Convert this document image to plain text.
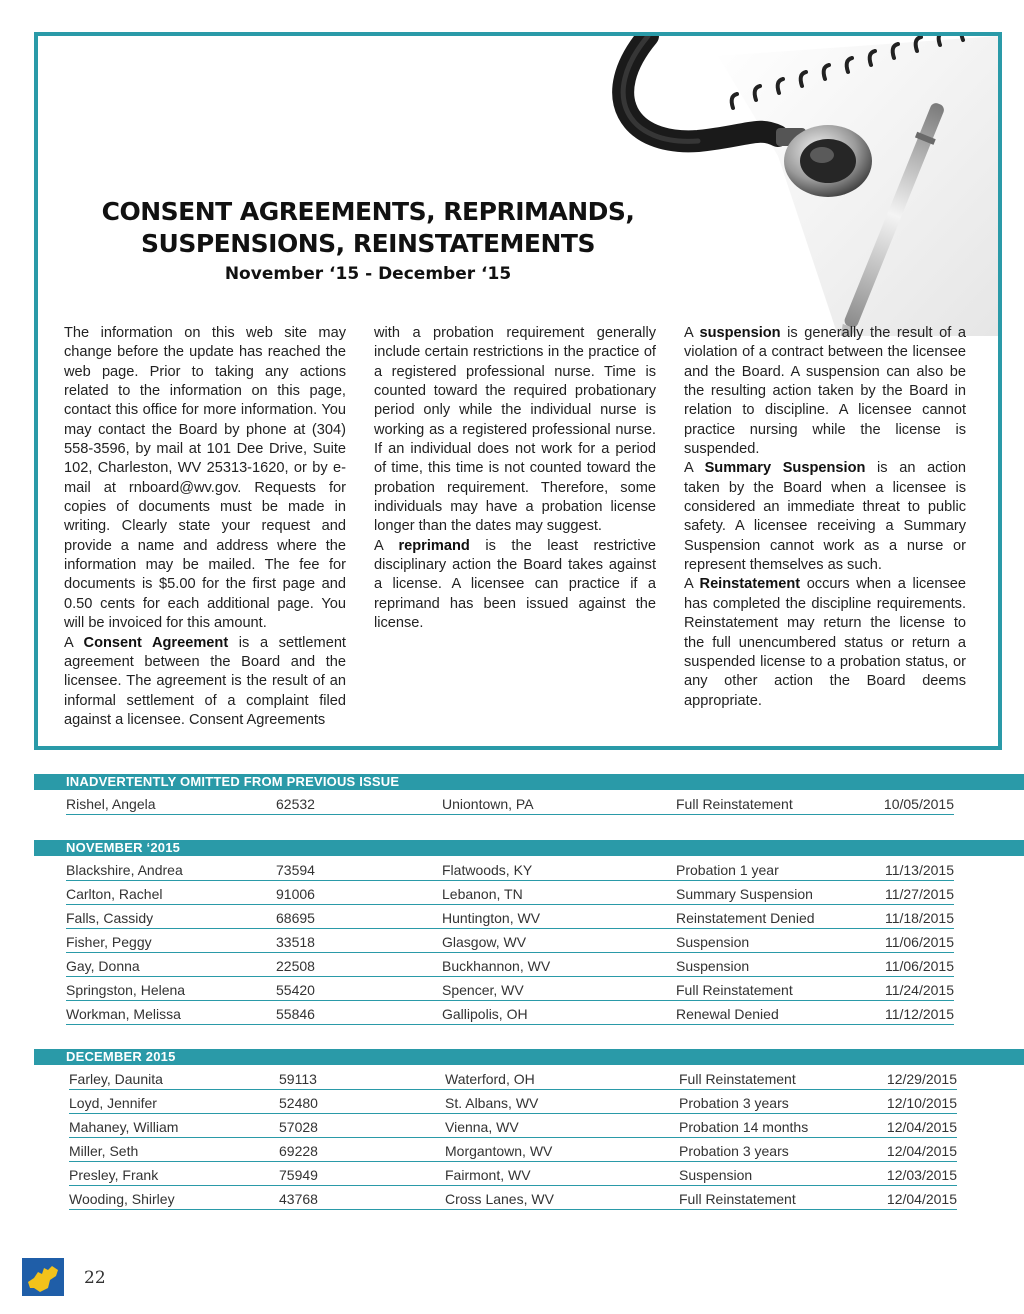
CONSENT AGREEMENTS, REPRIMANDS,
SUSPENSIONS, REINSTATEMENTS
November ‘15 - December ‘15

The information on this web site may change before the update has reached the web page. Prior to taking any actions related to the information on this page, contact this office for more information. You may contact the Board by phone at (304) 558-3596, by mail at 101 Dee Drive, Suite 102, Charleston, WV 25313-1620, or by e-mail at rnboard@wv.gov. Requests for copies of documents must be made in writing. Clearly state your request and provide a name and address where the information may be mailed. The fee for documents is $5.00 for the first page and 0.50 cents for each additional page. You will be invoiced for this amount.

A Consent Agreement is a settlement agreement between the Board and the licensee. The agreement is the result of an informal settlement of a complaint filed against a licensee. Consent Agreements

with a probation requirement generally include certain restrictions in the practice of a registered professional nurse. Time is counted toward the required probationary period only while the individual nurse is working as a registered professional nurse. If an individual does not work for a period of time, this time is not counted toward the probation requirement. Therefore, some individuals may have a probation license longer than the dates may suggest.

A reprimand is the least restrictive disciplinary action the Board takes against a license. A licensee can practice if a reprimand has been issued against the license.

A suspension is generally the result of a violation of a contract between the licensee and the Board. A suspension can also be the resulting action taken by the Board in relation to discipline. A licensee cannot practice nursing while the license is suspended.

A Summary Suspension is an action taken by the Board when a licensee is considered an immediate threat to public safety. A licensee receiving a Summary Suspension cannot work as a nurse or represent themselves as such.

A Reinstatement occurs when a licensee has completed the discipline requirements. Reinstatement may return the license to the full unencumbered status or return a suspended license to a probation status, or any other action the Board deems appropriate.

INADVERTENTLY OMITTED FROM PREVIOUS ISSUE
Rishel, Angela	62532	Uniontown, PA	Full Reinstatement	10/05/2015
NOVEMBER ‘2015
Blackshire, Andrea	73594	Flatwoods, KY	Probation 1 year	11/13/2015
Carlton, Rachel	91006	Lebanon, TN	Summary Suspension	11/27/2015
Falls, Cassidy	68695	Huntington, WV	Reinstatement Denied	11/18/2015
Fisher, Peggy	33518	Glasgow, WV	Suspension	11/06/2015
Gay, Donna	22508	Buckhannon, WV	Suspension	11/06/2015
Springston, Helena	55420	Spencer, WV	Full Reinstatement	11/24/2015
Workman, Melissa	55846	Gallipolis, OH	Renewal Denied	11/12/2015
DECEMBER 2015
Farley, Daunita	59113	Waterford, OH	Full Reinstatement	12/29/2015
Loyd, Jennifer	52480	St. Albans, WV	Probation 3 years	12/10/2015
Mahaney, William	57028	Vienna, WV	Probation 14 months	12/04/2015
Miller, Seth	69228	Morgantown, WV	Probation 3 years	12/04/2015
Presley, Frank	75949	Fairmont, WV	Suspension	12/03/2015
Wooding, Shirley	43768	Cross Lanes, WV	Full Reinstatement	12/04/2015
22
